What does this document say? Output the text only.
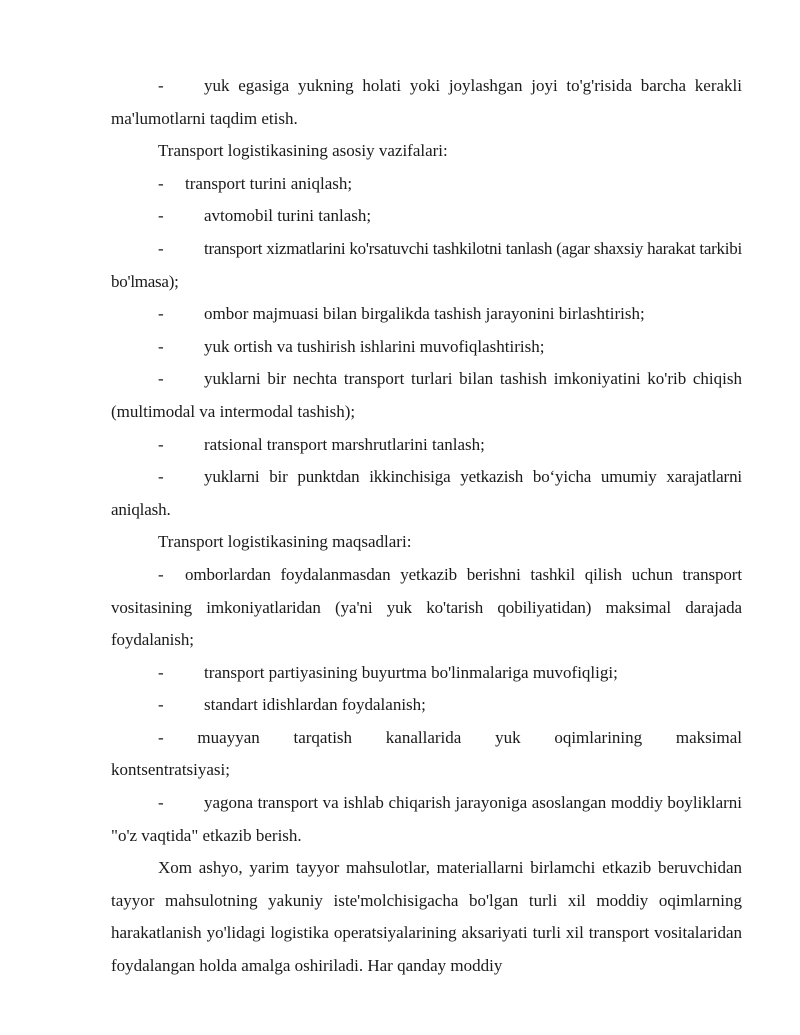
- yuk egasiga yukning holati yoki joylashgan joyi to'g'risida barcha kerakli ma'lumotlarni taqdim etish.

Transport logistikasining asosiy vazifalari:

- transport turini aniqlash;

- avtomobil turini tanlash;

- transport xizmatlarini ko'rsatuvchi tashkilotni tanlash (agar shaxsiy harakat tarkibi bo'lmasa);

- ombor majmuasi bilan birgalikda tashish jarayonini birlashtirish;

- yuk ortish va tushirish ishlarini muvofiqlashtirish;

- yuklarni bir nechta transport turlari bilan tashish imkoniyatini ko'rib chiqish (multimodal va intermodal tashish);

- ratsional transport marshrutlarini tanlash;

- yuklarni bir punktdan ikkinchisiga yetkazish bo‘yicha umumiy xarajatlarni aniqlash.

Transport logistikasining maqsadlari:

- omborlardan foydalanmasdan yetkazib berishni tashkil qilish uchun transport vositasining imkoniyatlaridan (ya'ni yuk ko'tarish qobiliyatidan) maksimal darajada foydalanish;

- transport partiyasining buyurtma bo'linmalariga muvofiqligi;

- standart idishlardan foydalanish;

- muayyan tarqatish kanallarida yuk oqimlarining maksimal

kontsentratsiyasi;

- yagona transport va ishlab chiqarish jarayoniga asoslangan moddiy boyliklarni "o'z vaqtida" etkazib berish.

Xom ashyo, yarim tayyor mahsulotlar, materiallarni birlamchi etkazib beruvchidan tayyor mahsulotning yakuniy iste'molchisigacha bo'lgan turli xil moddiy oqimlarning harakatlanish yo'lidagi logistika operatsiyalarining aksariyati turli xil transport vositalaridan foydalangan holda amalga oshiriladi. Har qanday moddiy
